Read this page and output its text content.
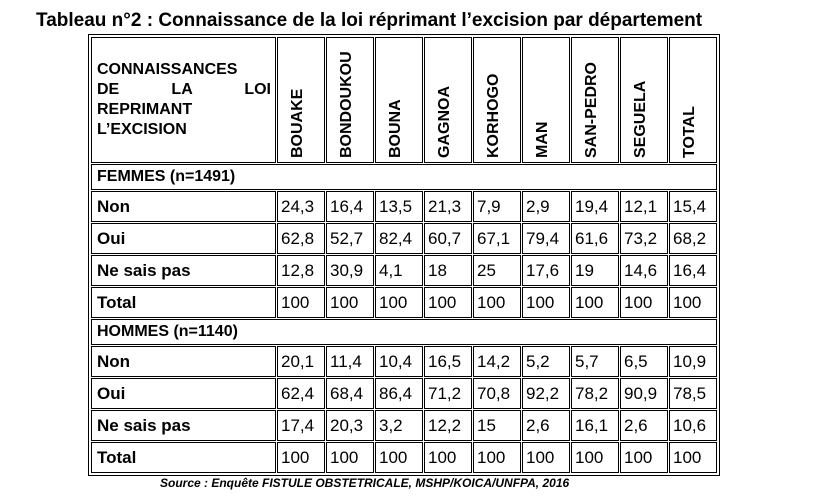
Tableau n°2 : Connaissance de la loi réprimant l’excision par département
CONNAISSANCES
DE LA LOI
REPRIMANT
L’EXCISION	BOUAKE	BONDOUKOU	BOUNA	GAGNOA	KORHOGO	MAN	SAN-PEDRO	SEGUELA	TOTAL

FEMMES (n=1491)									
Non	24,3	16,4	13,5	21,3	7,9	2,9	19,4	12,1	15,4
Oui	62,8	52,7	82,4	60,7	67,1	79,4	61,6	73,2	68,2
Ne sais pas	12,8	30,9	4,1	18	25	17,6	19	14,6	16,4
Total	100	100	100	100	100	100	100	100	100
HOMMES (n=1140)									
Non	20,1	11,4	10,4	16,5	14,2	5,2	5,7	6,5	10,9
Oui	62,4	68,4	86,4	71,2	70,8	92,2	78,2	90,9	78,5
Ne sais pas	17,4	20,3	3,2	12,2	15	2,6	16,1	2,6	10,6
Total	100	100	100	100	100	100	100	100	100
Source : Enquête FISTULE OBSTETRICALE, MSHP/KOICA/UNFPA, 2016
